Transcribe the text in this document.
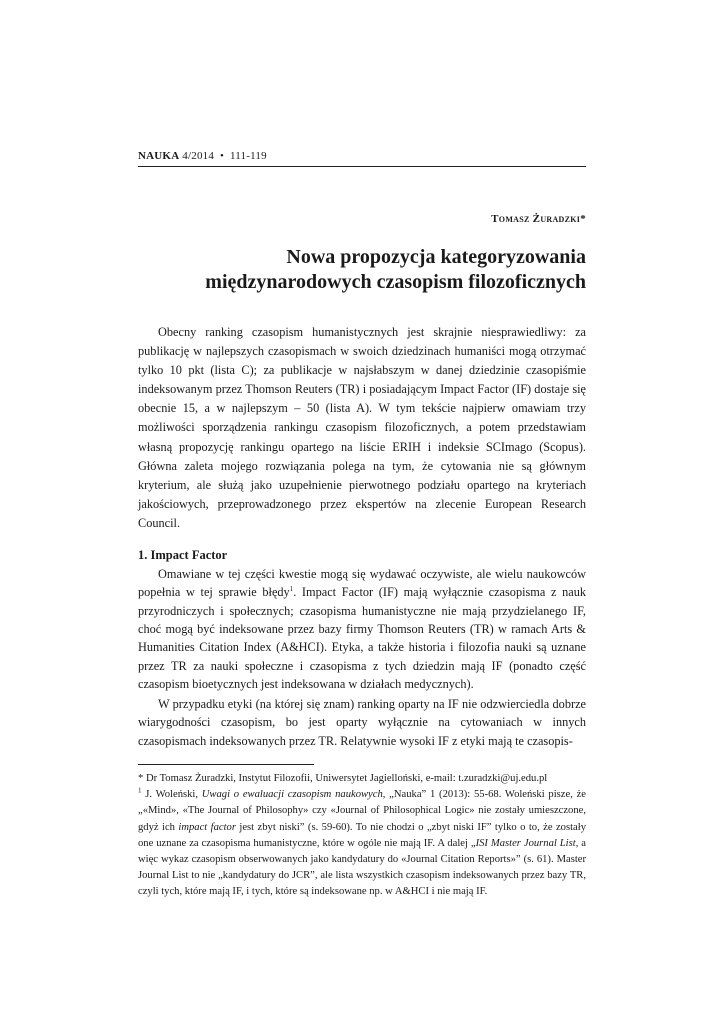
NAUKA 4/2014 • 111-119
Tomasz Żuradzki*
Nowa propozycja kategoryzowania
międzynarodowych czasopism filozoficznych

Obecny ranking czasopism humanistycznych jest skrajnie niesprawiedliwy: za publikację w najlepszych czasopismach w swoich dziedzinach humaniści mogą otrzymać tylko 10 pkt (lista C); za publikacje w najsłabszym w danej dziedzinie czasopiśmie indeksowanym przez Thomson Reuters (TR) i posiadającym Impact Factor (IF) dostaje się obecnie 15, a w najlepszym – 50 (lista A). W tym tekście najpierw omawiam trzy możliwości sporządzenia rankingu czasopism filozoficznych, a potem przedstawiam własną propozycję rankingu opartego na liście ERIH i indeksie SCImago (Scopus). Główna zaleta mojego rozwiązania polega na tym, że cytowania nie są głównym kryterium, ale służą jako uzupełnienie pierwotnego podziału opartego na kryteriach jakościowych, przeprowadzonego przez ekspertów na zlecenie European Research Council.

1. Impact Factor

Omawiane w tej części kwestie mogą się wydawać oczywiste, ale wielu naukowców popełnia w tej sprawie błędy$^1$. Impact Factor (IF) mają wyłącznie czasopisma z nauk przyrodniczych i społecznych; czasopisma humanistyczne nie mają przydzielanego IF, choć mogą być indeksowane przez bazy firmy Thomson Reuters (TR) w ramach Arts & Humanities Citation Index (A&HCI). Etyka, a także historia i filozofia nauki są uznane przez TR za nauki społeczne i czasopisma z tych dziedzin mają IF (ponadto część czasopism bioetycznych jest indeksowana w działach medycznych).

W przypadku etyki (na której się znam) ranking oparty na IF nie odzwierciedla dobrze wiarygodności czasopism, bo jest oparty wyłącznie na cytowaniach w innych czasopismach indeksowanych przez TR. Relatywnie wysoki IF z etyki mają te czasopis-

* Dr Tomasz Żuradzki, Instytut Filozofii, Uniwersytet Jagielloński, e-mail: t.zuradzki@uj.edu.pl

$^1$ J. Woleński, Uwagi o ewaluacji czasopism naukowych, „Nauka” 1 (2013): 55-68. Woleński pisze, że „«Mind», «The Journal of Philosophy» czy «Journal of Philosophical Logic» nie zostały umieszczone, gdyż ich impact factor jest zbyt niski” (s. 59-60). To nie chodzi o „zbyt niski IF” tylko o to, że zostały one uznane za czasopisma humanistyczne, które w ogóle nie mają IF. A dalej „ISI Master Journal List, a więc wykaz czasopism obserwowanych jako kandydatury do «Journal Citation Reports»” (s. 61). Master Journal List to nie „kandydatury do JCR”, ale lista wszystkich czasopism indeksowanych przez bazy TR, czyli tych, które mają IF, i tych, które są indeksowane np. w A&HCI i nie mają IF.
